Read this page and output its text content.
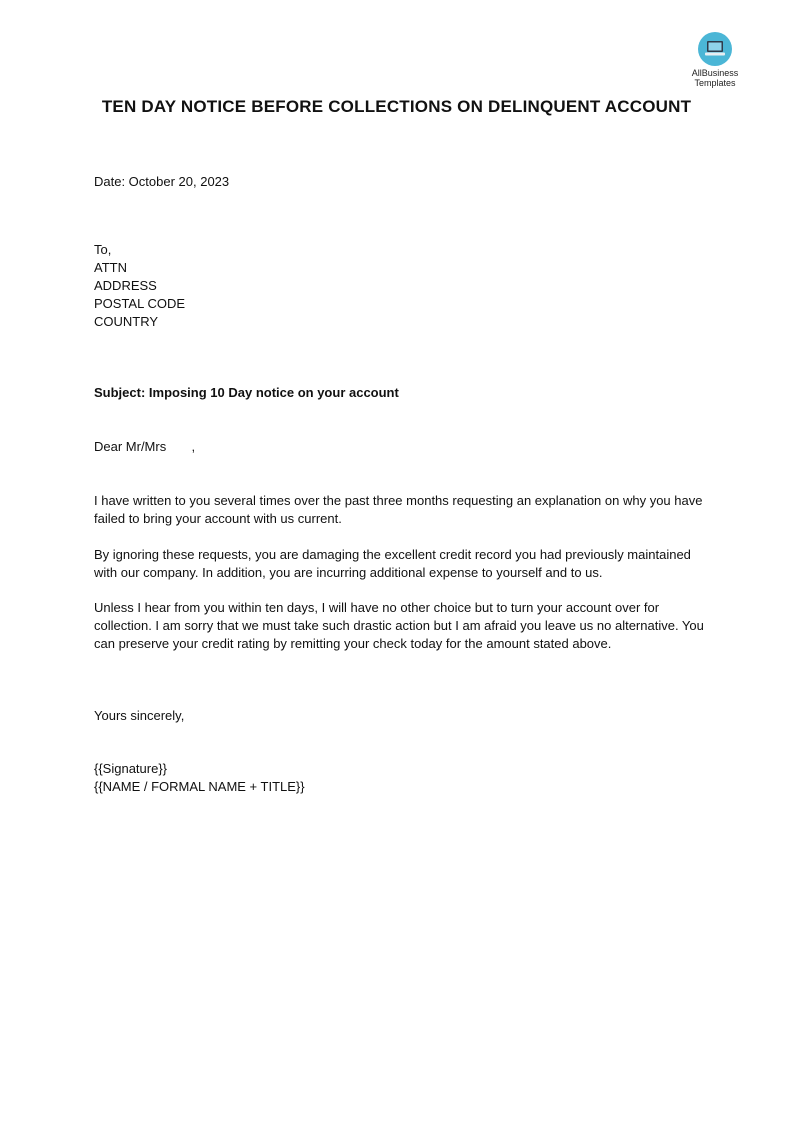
AllBusiness
Templates
TEN DAY NOTICE BEFORE COLLECTIONS ON DELINQUENT ACCOUNT
Date: October 20, 2023
To,
ATTN
ADDRESS
POSTAL CODE
COUNTRY
Subject: Imposing 10 Day notice on your account
Dear Mr/Mrs       ,

I have written to you several times over the past three months requesting an explanation on why you have failed to bring your account with us current.

By ignoring these requests, you are damaging the excellent credit record you had previously maintained with our company. In addition, you are incurring additional expense to yourself and to us.

Unless I hear from you within ten days, I will have no other choice but to turn your account over for collection. I am sorry that we must take such drastic action but I am afraid you leave us no alternative. You can preserve your credit rating by remitting your check today for the amount stated above.

Yours sincerely,
{{Signature}}
{{NAME / FORMAL NAME + TITLE}}
